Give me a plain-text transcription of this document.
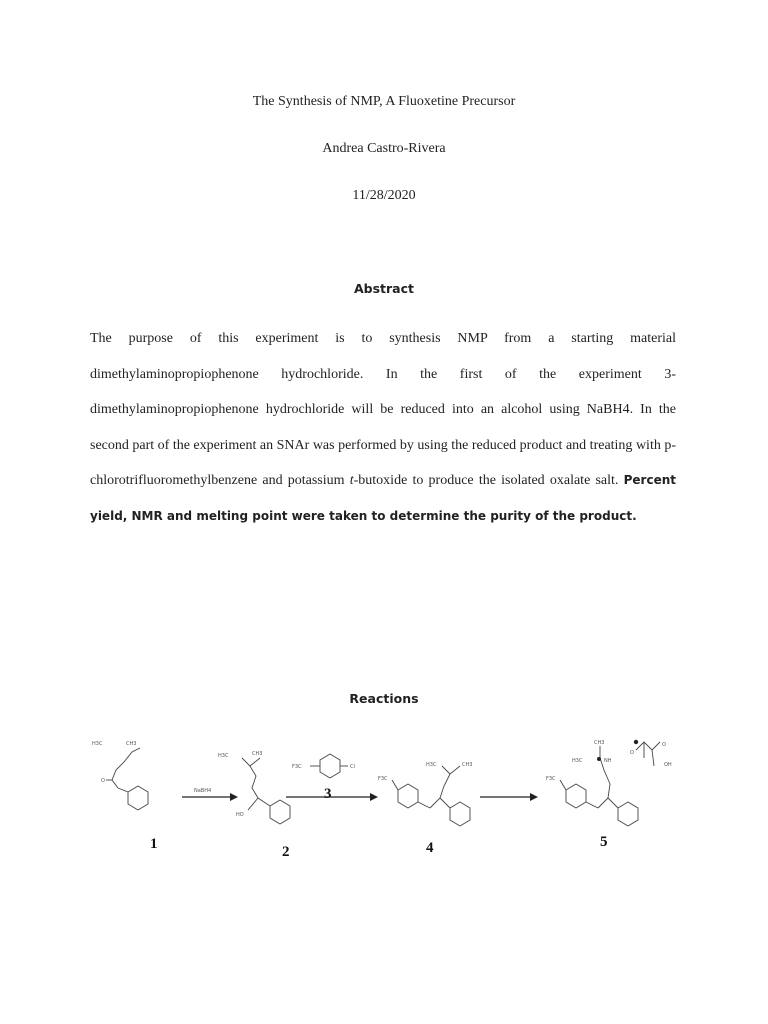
The Synthesis of NMP, A Fluoxetine Precursor
Andrea Castro-Rivera
11/28/2020
Abstract
The purpose of this experiment is to synthesis NMP from a starting material dimethylaminopropiophenone hydrochloride. In the first of the experiment 3-dimethylaminopropiophenone hydrochloride will be reduced into an alcohol using NaBH4. In the second part of the experiment an SNAr was performed by using the reduced product and treating with p-chlorotrifluoromethylbenzene and potassium t-butoxide to produce the isolated oxalate salt. Percent yield, NMR and melting point were taken to determine the purity of the product.
Reactions
H3C	CH3
O
1
NaBH4
H3C	CH3
HO
2
F3C	Cl
3
F3C
H3C	CH3
4
F3C
H3C
CH3
NH
O
O
OH
5
